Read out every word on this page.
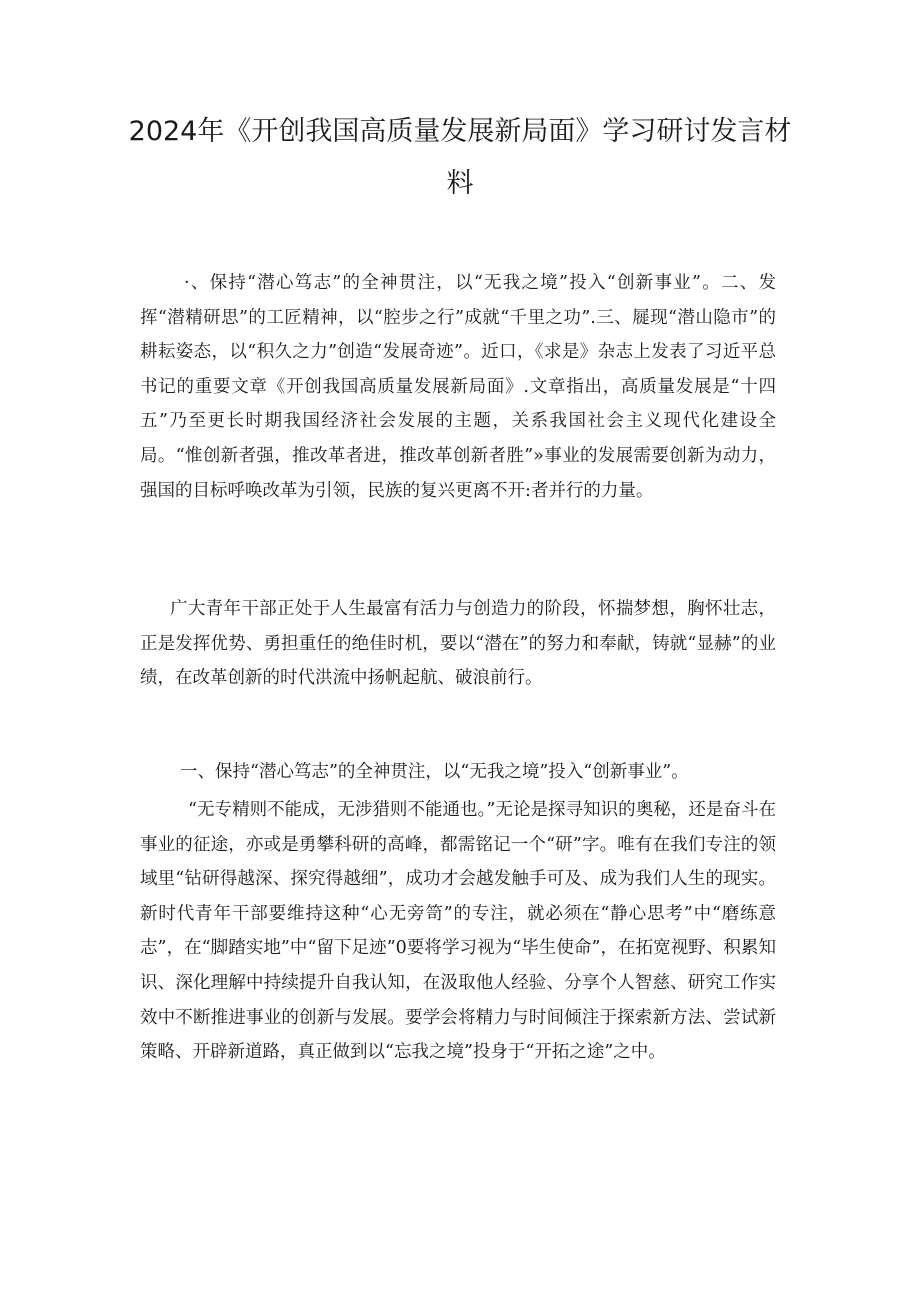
2024年《开创我国高质量发展新局面》学习研讨发言材料

·、保持“潜心笃志”的全神贯注，以“无我之境”投入“创新事业”。二、发挥“潜精研思”的工匠精神，以“腔步之行”成就“千里之功”.三、屣现“潜山隐市”的耕耘姿态，以“积久之力”创造“发展奇迹”。近口，《求是》杂志上发表了习近平总书记的重要文章《开创我国高质量发展新局面》.文章指出，高质量发展是“十四五”乃至更长时期我国经济社会发展的主题，关系我国社会主义现代化建设全局。“惟创新者强，推改革者进，推改革创新者胜”»事业的发展需要创新为动力，强国的目标呼唤改革为引领，民族的复兴更离不开:者并行的力量。

广大青年干部正处于人生最富有活力与创造力的阶段，怀揣梦想，胸怀壮志，正是发挥优势、勇担重任的绝佳时机，要以“潜在”的努力和奉献，铸就“显赫”的业绩，在改革创新的时代洪流中扬帆起航、破浪前行。

一、保持“潜心笃志”的全神贯注，以“无我之境”投入“创新事业”。

“无专精则不能成，无涉猎则不能通也。”无论是探寻知识的奥秘，还是奋斗在事业的征途，亦或是勇攀科研的高峰，都需铭记一个“研”字。唯有在我们专注的领域里“钻研得越深、探究得越细”，成功才会越发触手可及、成为我们人生的现实。新时代青年干部要维持这种“心无旁笥”的专注，就必须在“静心思考”中“磨练意志”，在“脚踏实地”中“留下足迹”0要将学习视为“毕生使命”，在拓宽视野、积累知识、深化理解中持续提升自我认知，在汲取他人经验、分享个人智慈、研究工作实效中不断推进事业的创新与发展。要学会将精力与时间倾注于探索新方法、尝试新策略、开辟新道路，真正做到以“忘我之境”投身于“开拓之途”之中。
